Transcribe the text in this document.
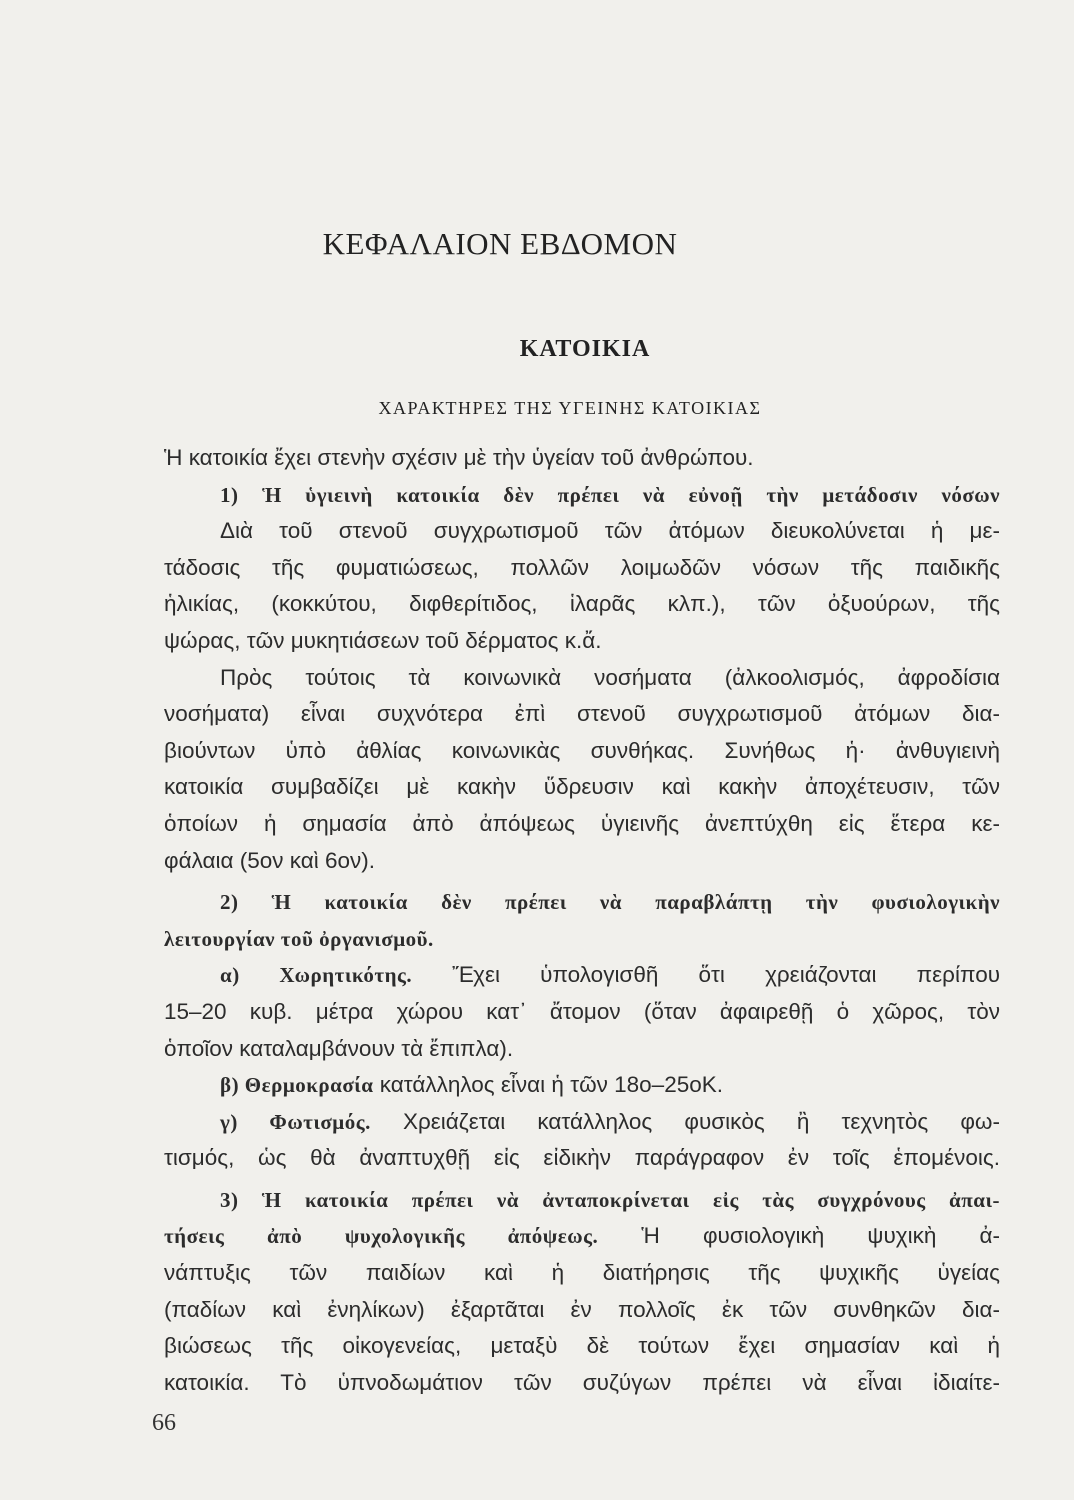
ΚΕΦΑΛΑΙΟΝ ΕΒΔΟΜΟΝ
ΚΑΤΟΙΚΙΑ
ΧΑΡΑΚΤΗΡΕΣ ΤΗΣ ΥΓΕΙΝΗΣ ΚΑΤΟΙΚΙΑΣ
Ἡ κατοικία ἔχει στενὴν σχέσιν μὲ τὴν ὑγείαν τοῦ ἀνθρώπου.
1) Ἡ ὑγιεινὴ κατοικία δὲν πρέπει νὰ εὐνοῇ τὴν μετάδοσιν νόσων
Διὰ τοῦ στενοῦ συγχρωτισμοῦ τῶν ἀτόμων διευκολύνεται ἡ με-
τάδοσις τῆς φυματιώσεως, πολλῶν λοιμωδῶν νόσων τῆς παιδικῆς
ἡλικίας, (κοκκύτου, διφθερίτιδος, ἱλαρᾶς κλπ.), τῶν ὀξυούρων, τῆς
ψώρας, τῶν μυκητιάσεων τοῦ δέρματος κ.ἄ.
Πρὸς τούτοις τὰ κοινωνικὰ νοσήματα (ἀλκοολισμός, ἀφροδίσια
νοσήματα) εἶναι συχνότερα ἐπὶ στενοῦ συγχρωτισμοῦ ἀτόμων δια-
βιούντων ὑπὸ ἀθλίας κοινωνικὰς συνθήκας. Συνήθως ἡ· ἀνθυγιεινὴ
κατοικία συμβαδίζει μὲ κακὴν ὕδρευσιν καὶ κακὴν ἀποχέτευσιν, τῶν
ὁποίων ἡ σημασία ἀπὸ ἀπόψεως ὑγιεινῆς ἀνεπτύχθη εἰς ἕτερα κε-
φάλαια (5ον καὶ 6ον).
2) Ἡ κατοικία δὲν πρέπει νὰ παραβλάπτῃ τὴν φυσιολογικὴν
λειτουργίαν τοῦ ὀργανισμοῦ.
α) Χωρητικότης. Ἔχει ὑπολογισθῆ ὅτι χρειάζονται περίπου
15–20 κυβ. μέτρα χώρου κατ᾽ ἄτομον (ὅταν ἀφαιρεθῇ ὁ χῶρος, τὸν
ὁποῖον καταλαμβάνουν τὰ ἔπιπλα).
β) Θερμοκρασία κατάλληλος εἶναι ἡ τῶν 18ο–25οΚ.
γ) Φωτισμός. Χρειάζεται κατάλληλος φυσικὸς ἢ τεχνητὸς φω-
τισμός, ὡς θὰ ἀναπτυχθῇ εἰς εἰδικὴν παράγραφον ἐν τοῖς ἑπομένοις.
3) Ἡ κατοικία πρέπει νὰ ἀνταποκρίνεται εἰς τὰς συγχρόνους ἀπαι-
τήσεις ἀπὸ ψυχολογικῆς ἀπόψεως. Ἡ φυσιολογικὴ ψυχικὴ ἀ-
νάπτυξις τῶν παιδίων καὶ ἡ διατήρησις τῆς ψυχικῆς ὑγείας
(παδίων καὶ ἐνηλίκων) ἐξαρτᾶται ἐν πολλοῖς ἐκ τῶν συνθηκῶν δια-
βιώσεως τῆς οἰκογενείας, μεταξὺ δὲ τούτων ἔχει σημασίαν καὶ ἡ
κατοικία. Τὸ ὑπνοδωμάτιον τῶν συζύγων πρέπει νὰ εἶναι ἰδιαίτε-
66
